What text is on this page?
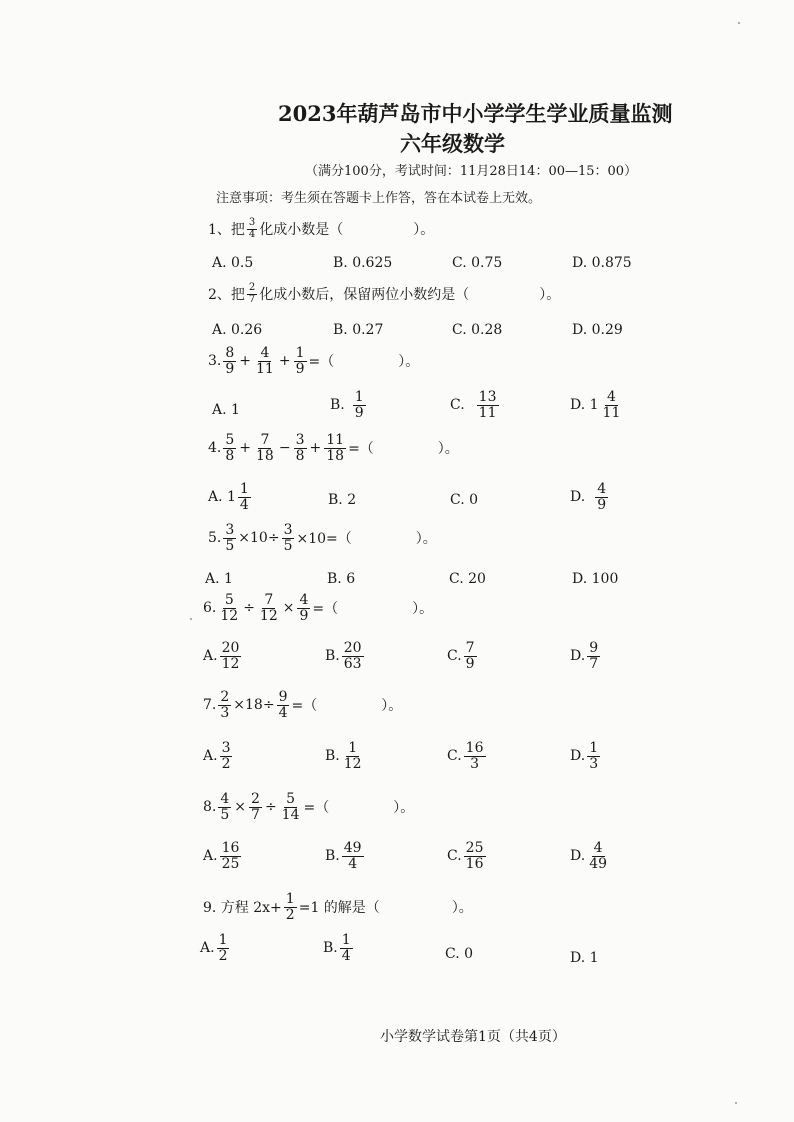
2023年葫芦岛市中小学学生学业质量监测
六年级数学
（满分100分，考试时间：11月28日14：00—15：00）
注意事项：考生须在答题卡上作答，答在本试卷上无效。
1、把 $\frac{3}{4}$ 化成小数是（	）。
A. 0.5	B. 0.625	C. 0.75	D. 0.875
2、把 $\frac{2}{7}$ 化成小数后，保留两位小数约是（	）。
A. 0.26	B. 0.27	C. 0.28	D. 0.29
3. $\frac{8}{9} + \frac{4}{11} + \frac{1}{9}$ =（	）。
A. 1	B. $\frac{1}{9}$	C. $\frac{13}{11}$	D. $1 \frac{4}{11}$
4. $\frac{5}{8} + \frac{7}{18} - \frac{3}{8} + \frac{11}{18}$ =（	）。
A. $1 \frac{1}{4}$	B. 2	C. 0	D. $\frac{4}{9}$
5. $\frac{3}{5} \times 10\div \frac{3}{5} \times 10=$（	）。
A. 1	B. 6	C. 20	D. 100
6. $\frac{5}{12} \div \frac{7}{12} \times \frac{4}{9}$ =（	）。
A. $\frac{20}{12}$	B. $\frac{20}{63}$	C. $\frac{7}{9}$	D. $\frac{9}{7}$
7. $\frac{2}{3} \times 18\div \frac{9}{4}$ =（	）。
A. $\frac{3}{2}$	B. $\frac{1}{12}$	C. $\frac{16}{3}$	D. $\frac{1}{3}$
8. $\frac{4}{5} \times \frac{2}{7} \div \frac{5}{14}$ =（	）。
A. $\frac{16}{25}$	B. $\frac{49}{4}$	C. $\frac{25}{16}$	D. $\frac{4}{49}$
9. 方程 $2x+ \frac{1}{2} =1$ 的解是（	）。
A. $\frac{1}{2}$	B. $\frac{1}{4}$	C. 0	D. 1
小学数学试卷第1页（共4页）
